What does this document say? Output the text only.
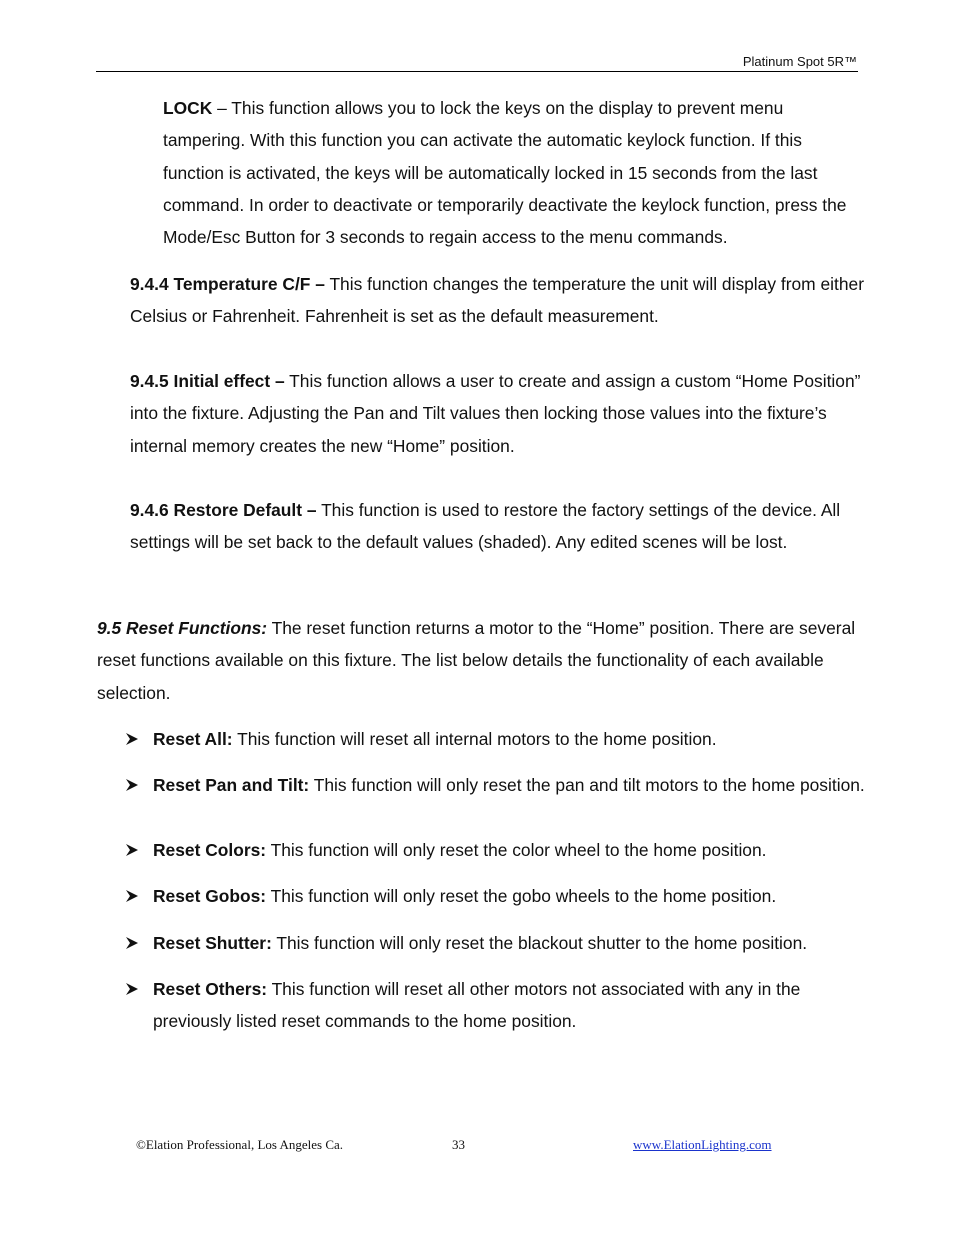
Platinum Spot 5R™

LOCK – This function allows you to lock the keys on the display to prevent menu tampering. With this function you can activate the automatic keylock function. If this function is activated, the keys will be automatically locked in 15 seconds from the last command. In order to deactivate or temporarily deactivate the keylock function, press the Mode/Esc Button for 3 seconds to regain access to the menu commands.

9.4.4 Temperature C/F – This function changes the temperature the unit will display from either Celsius or Fahrenheit. Fahrenheit is set as the default measurement.

9.4.5 Initial effect – This function allows a user to create and assign a custom “Home Position” into the fixture. Adjusting the Pan and Tilt values then locking those values into the fixture’s internal memory creates the new “Home” position.

9.4.6 Restore Default – This function is used to restore the factory settings of the device. All settings will be set back to the default values (shaded). Any edited scenes will be lost.

9.5 Reset Functions: The reset function returns a motor to the “Home” position. There are several reset functions available on this fixture. The list below details the functionality of each available selection.

Reset All: This function will reset all internal motors to the home position.
Reset Pan and Tilt: This function will only reset the pan and tilt motors to the home position.
Reset Colors: This function will only reset the color wheel to the home position.
Reset Gobos: This function will only reset the gobo wheels to the home position.
Reset Shutter: This function will only reset the blackout shutter to the home position.
Reset Others: This function will reset all other motors not associated with any in the previously listed reset commands to the home position.
©Elation Professional, Los Angeles Ca.	33	www.ElationLighting.com
